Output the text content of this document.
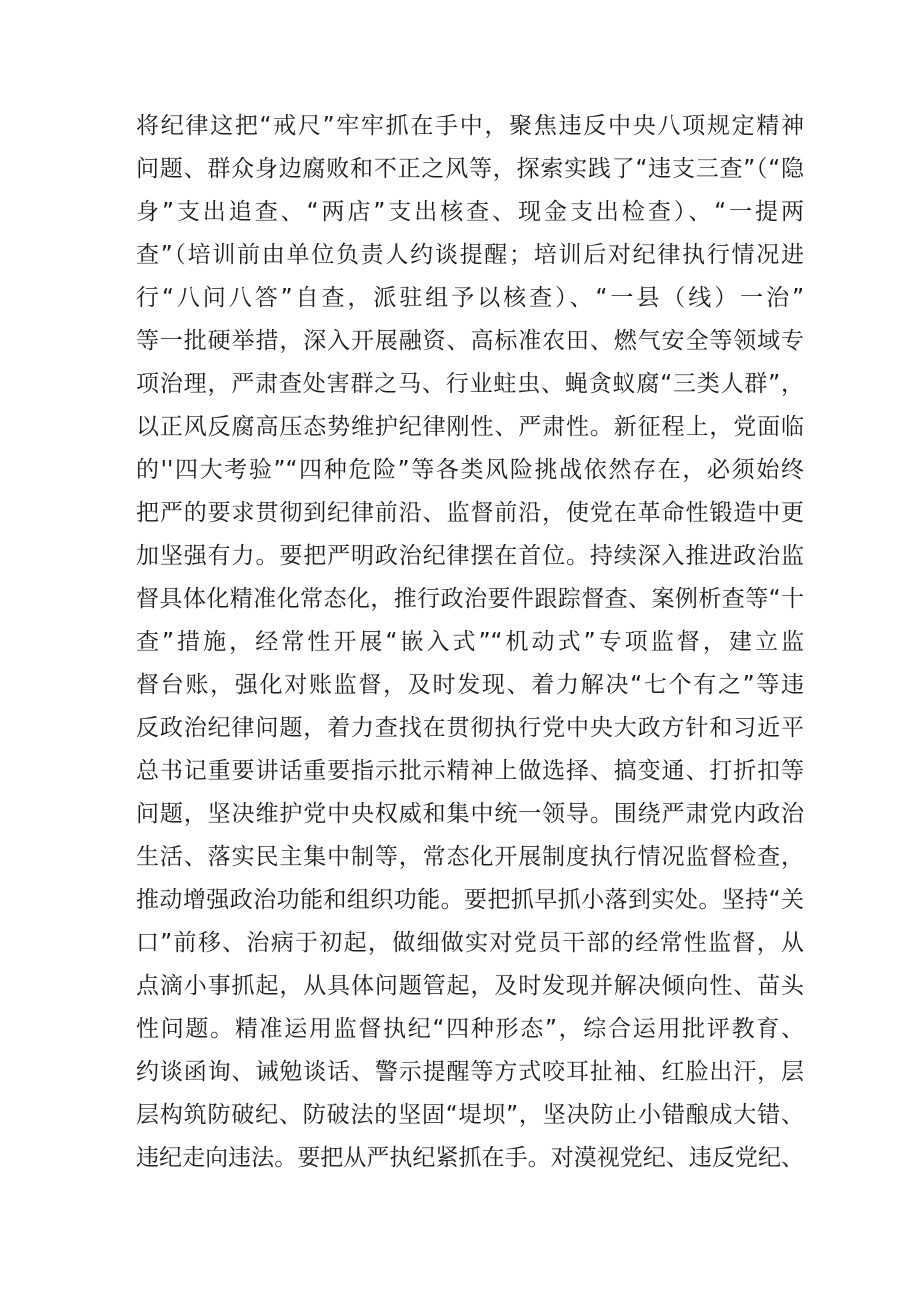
将纪律这把“戒尺”牢牢抓在手中，聚焦违反中央八项规定精神
问题、群众身边腐败和不正之风等，探索实践了“违支三查”（“隐
身”支出追查、“两店”支出核查、现金支出检查）、“一提两
查”（培训前由单位负责人约谈提醒；培训后对纪律执行情况进
行“八问八答”自查，派驻组予以核查）、“一县（线）一治”
等一批硬举措，深入开展融资、高标准农田、燃气安全等领域专
项治理，严肃查处害群之马、行业蛀虫、蝇贪蚁腐“三类人群”，
以正风反腐高压态势维护纪律刚性、严肃性。新征程上，党面临
的''四大考验”“四种危险”等各类风险挑战依然存在，必须始终
把严的要求贯彻到纪律前沿、监督前沿，使党在革命性锻造中更
加坚强有力。要把严明政治纪律摆在首位。持续深入推进政治监
督具体化精准化常态化，推行政治要件跟踪督查、案例析查等“十
查”措施，经常性开展“嵌入式”“机动式”专项监督，建立监
督台账，强化对账监督，及时发现、着力解决“七个有之”等违
反政治纪律问题，着力查找在贯彻执行党中央大政方针和习近平
总书记重要讲话重要指示批示精神上做选择、搞变通、打折扣等
问题，坚决维护党中央权威和集中统一领导。围绕严肃党内政治
生活、落实民主集中制等，常态化开展制度执行情况监督检查，
推动增强政治功能和组织功能。要把抓早抓小落到实处。坚持“关
口”前移、治病于初起，做细做实对党员干部的经常性监督，从
点滴小事抓起，从具体问题管起，及时发现并解决倾向性、苗头
性问题。精准运用监督执纪“四种形态”，综合运用批评教育、
约谈函询、诫勉谈话、警示提醒等方式咬耳扯袖、红脸出汗，层
层构筑防破纪、防破法的坚固“堤坝”，坚决防止小错酿成大错、
违纪走向违法。要把从严执纪紧抓在手。对漠视党纪、违反党纪、
